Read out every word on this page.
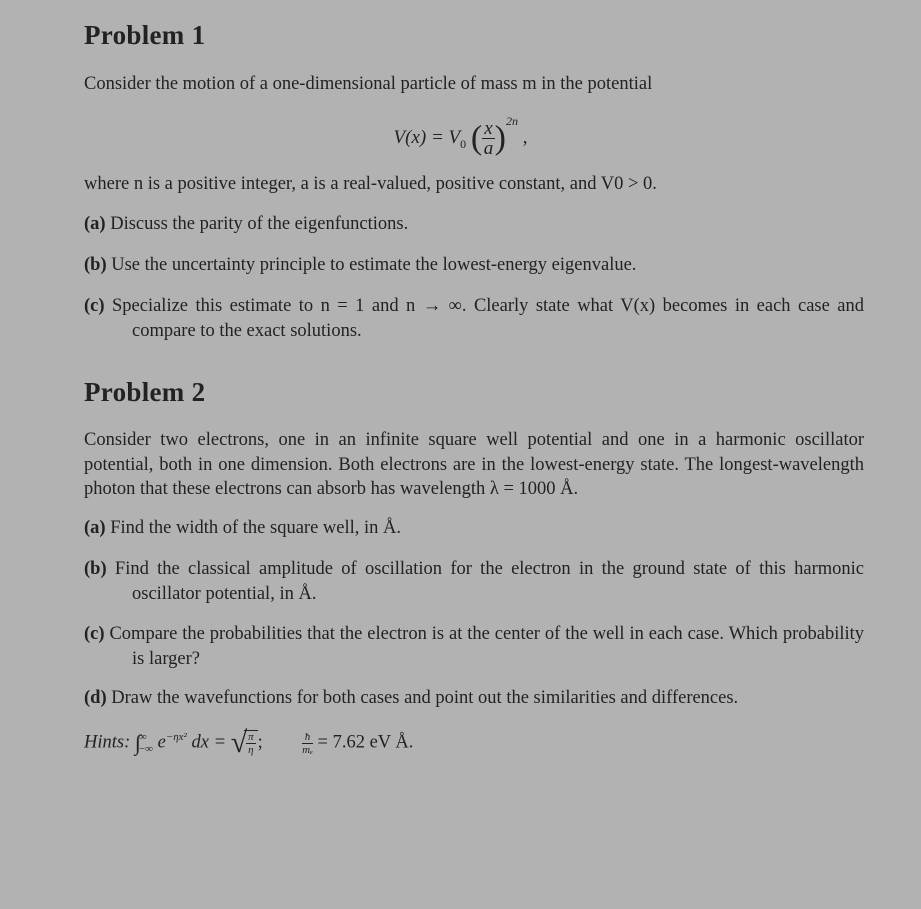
Problem 1

Consider the motion of a one-dimensional particle of mass m in the potential

$V(x) = V_0$ ( $\frac{x}{a} )^{2n}$ ,

where n is a positive integer, a is a real-valued, positive constant, and V0 > 0.

(a) Discuss the parity of the eigenfunctions.

(b) Use the uncertainty principle to estimate the lowest-energy eigenvalue.

(c) Specialize this estimate to n = 1 and n → ∞. Clearly state what V(x) becomes in each case and compare to the exact solutions.

Problem 2

Consider two electrons, one in an infinite square well potential and one in a harmonic oscillator potential, both in one dimension. Both electrons are in the lowest-energy state. The longest-wavelength photon that these electrons can absorb has wavelength λ = 1000 Å.

(a) Find the width of the square well, in Å.

(b) Find the classical amplitude of oscillation for the electron in the ground state of this harmonic oscillator potential, in Å.

(c) Compare the probabilities that the electron is at the center of the well in each case. Which probability is larger?

(d) Draw the wavefunctions for both cases and point out the similarities and differences.

Hints: ∫
∞
−∞ $e^{-\eta x^2}$ dx = √ $\frac{\pi}{\eta}$ ;	$\frac{ħ}{\text{mₑ}} = 7.62$ eV Å.
